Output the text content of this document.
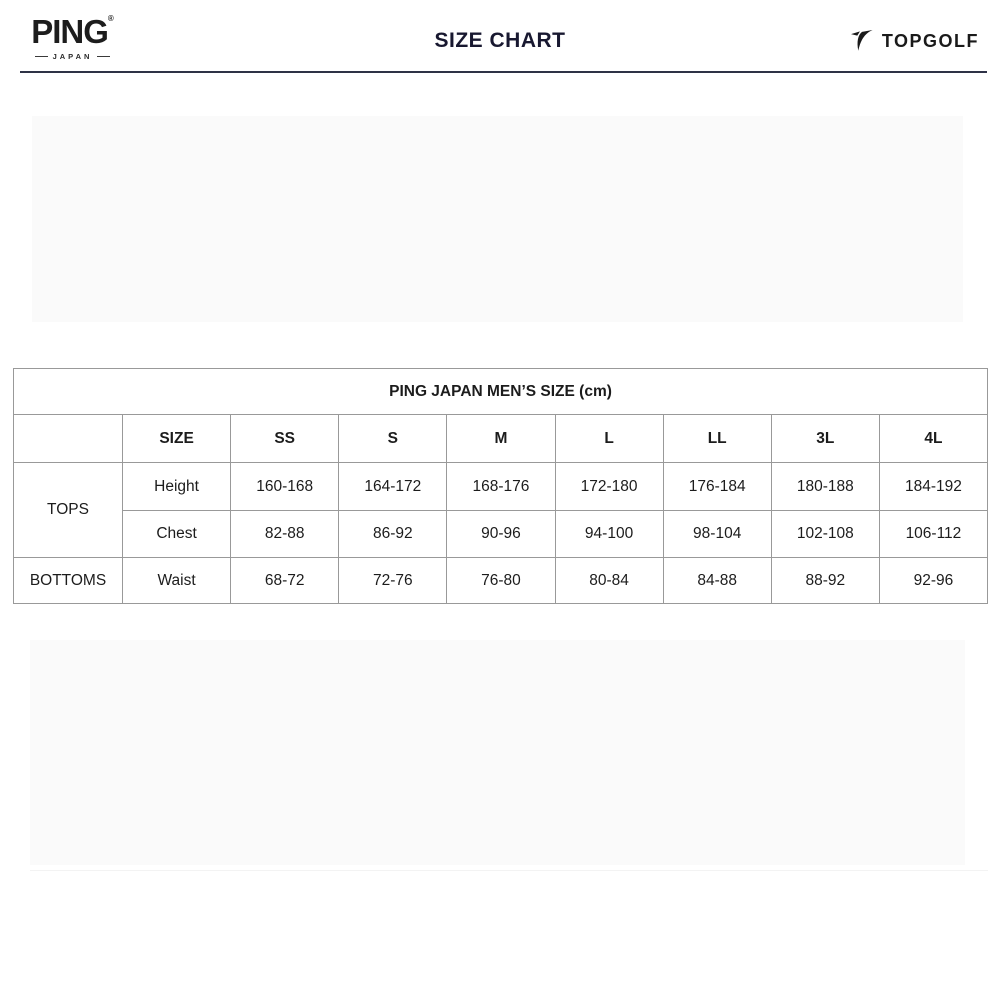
PING®
JAPAN
SIZE CHART	TOPGOLF
PING JAPAN MEN’S SIZE (cm)								
	SIZE	SS	S	M	L	LL	3L	4L
TOPS	Height	160-168	164-172	168-176	172-180	176-184	180-188	184-192
	Chest	82-88	86-92	90-96	94-100	98-104	102-108	106-112
BOTTOMS	Waist	68-72	72-76	76-80	80-84	84-88	88-92	92-96
